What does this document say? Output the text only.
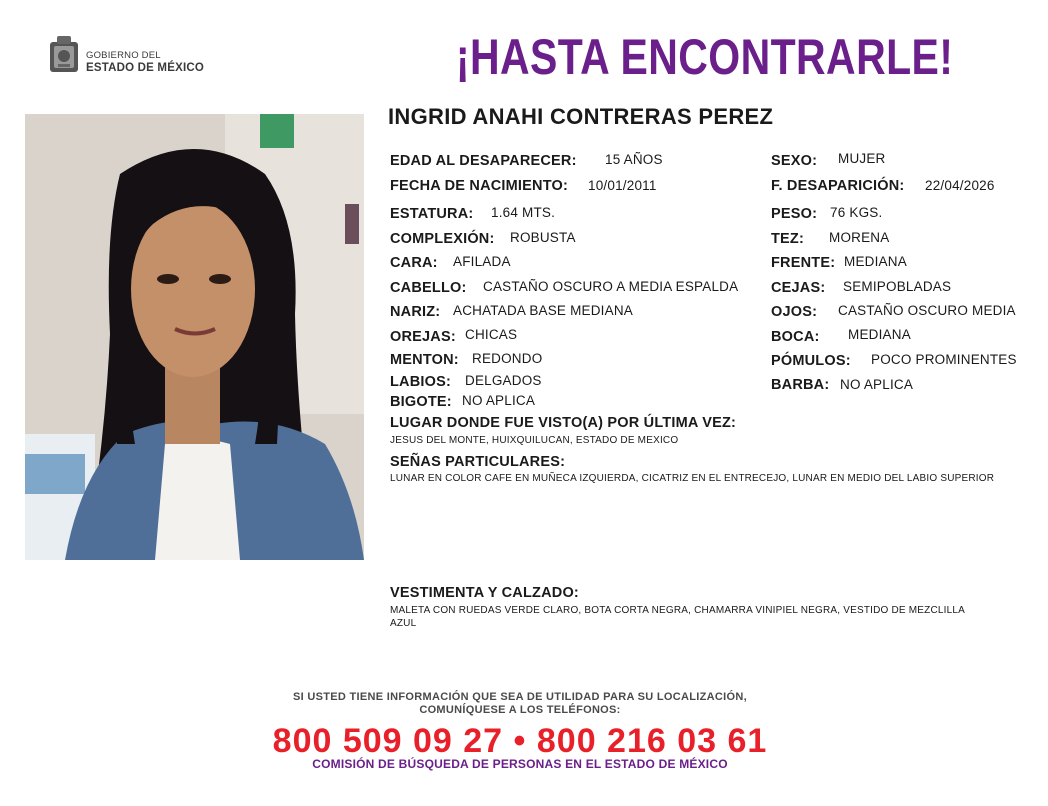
GOBIERNO DEL
ESTADO DE MÉXICO	¡HASTA ENCONTRARLE!
INGRID ANAHI CONTRERAS PEREZ
EDAD AL DESAPARECER: 15 AÑOS
FECHA DE NACIMIENTO: 10/01/2011
ESTATURA: 1.64 MTS.
COMPLEXIÓN: ROBUSTA
CARA: AFILADA
CABELLO: CASTAÑO OSCURO A MEDIA ESPALDA
NARIZ: ACHATADA BASE MEDIANA
OREJAS: CHICAS
MENTON: REDONDO
LABIOS: DELGADOS
BIGOTE: NO APLICA
SEXO: MUJER
F. DESAPARICIÓN: 22/04/2026
PESO: 76 KGS.
TEZ: MORENA
FRENTE: MEDIANA
CEJAS: SEMIPOBLADAS
OJOS: CASTAÑO OSCURO MEDIA
BOCA: MEDIANA
PÓMULOS: POCO PROMINENTES
BARBA: NO APLICA
LUGAR DONDE FUE VISTO(A) POR ÚLTIMA VEZ:
JESUS DEL MONTE, HUIXQUILUCAN, ESTADO DE MEXICO
SEÑAS PARTICULARES:
LUNAR EN COLOR CAFE EN MUÑECA IZQUIERDA, CICATRIZ EN EL ENTRECEJO, LUNAR EN MEDIO DEL LABIO SUPERIOR
VESTIMENTA Y CALZADO:
MALETA CON RUEDAS VERDE CLARO, BOTA CORTA NEGRA, CHAMARRA VINIPIEL NEGRA, VESTIDO DE MEZCLILLA
AZUL
SI USTED TIENE INFORMACIÓN QUE SEA DE UTILIDAD PARA SU LOCALIZACIÓN,
COMUNÍQUESE A LOS TELÉFONOS:
800 509 09 27 • 800 216 03 61
COMISIÓN DE BÚSQUEDA DE PERSONAS EN EL ESTADO DE MÉXICO
